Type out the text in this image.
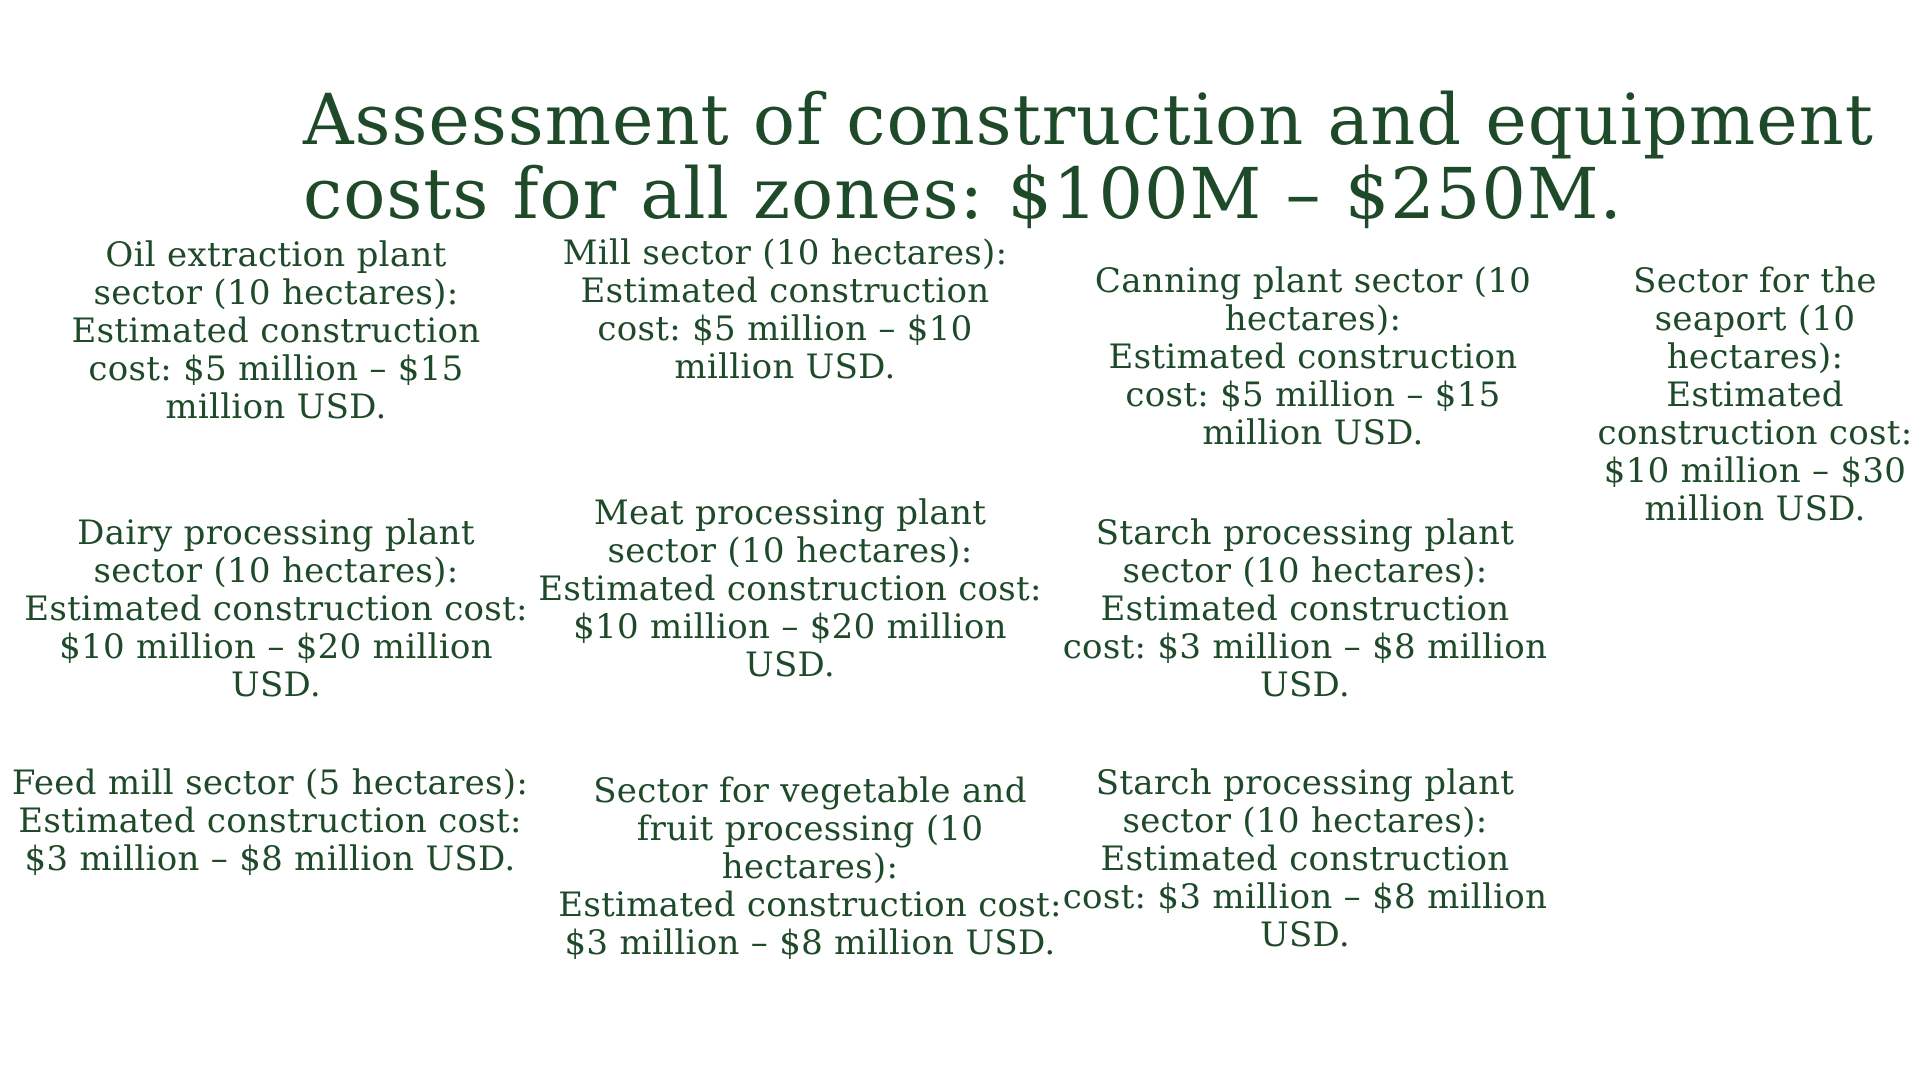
Assessment of construction and equipment
costs for all zones: $100M – $250M.
Oil extraction plant sector (10 hectares):
Estimated construction cost: $5 million – $15 million USD.
Mill sector (10 hectares):
Estimated construction cost: $5 million – $10 million USD.
Canning plant sector (10 hectares):
Estimated construction cost: $5 million – $15 million USD.
Sector for the seaport (10 hectares):
Estimated construction cost: $10 million – $30 million USD.
Dairy processing plant sector (10 hectares):
Estimated construction cost: $10 million – $20 million USD.
Meat processing plant sector (10 hectares):
Estimated construction cost: $10 million – $20 million USD.
Starch processing plant sector (10 hectares):
Estimated construction cost: $3 million – $8 million USD.
Feed mill sector (5 hectares):
Estimated construction cost: $3 million – $8 million USD.
Sector for vegetable and fruit processing (10 hectares):
Estimated construction cost: $3 million – $8 million USD.
Starch processing plant sector (10 hectares):
Estimated construction cost: $3 million – $8 million USD.
